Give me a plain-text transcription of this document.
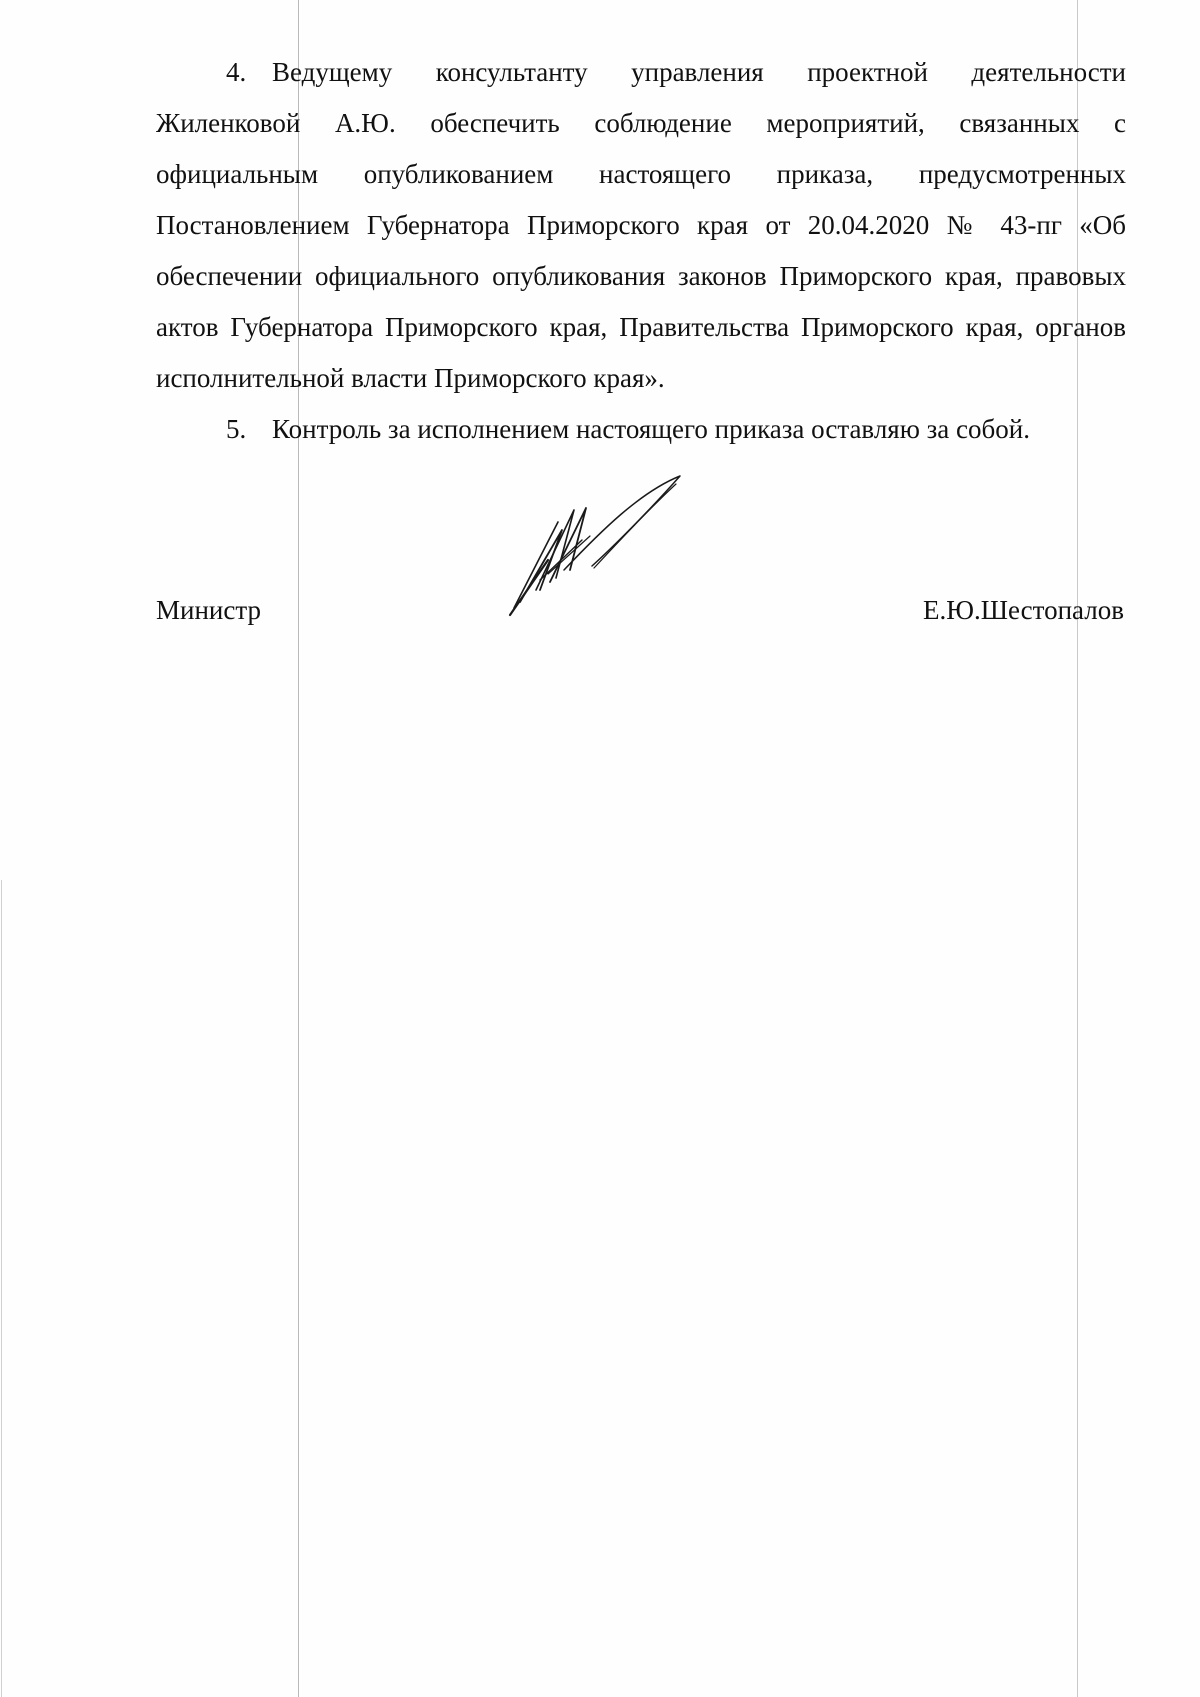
4. Ведущему консультанту управления проектной деятельности Жиленковой А.Ю. обеспечить соблюдение мероприятий, связанных с официальным опубликованием настоящего приказа, предусмотренных Постановлением Губернатора Приморского края от 20.04.2020 № 43-пг «Об обеспечении официального опубликования законов Приморского края, правовых актов Губернатора Приморского края, Правительства Приморского края, органов исполнительной власти Приморского края».

5. Контроль за исполнением настоящего приказа оставляю за собой.

Министр	Е.Ю.Шестопалов
